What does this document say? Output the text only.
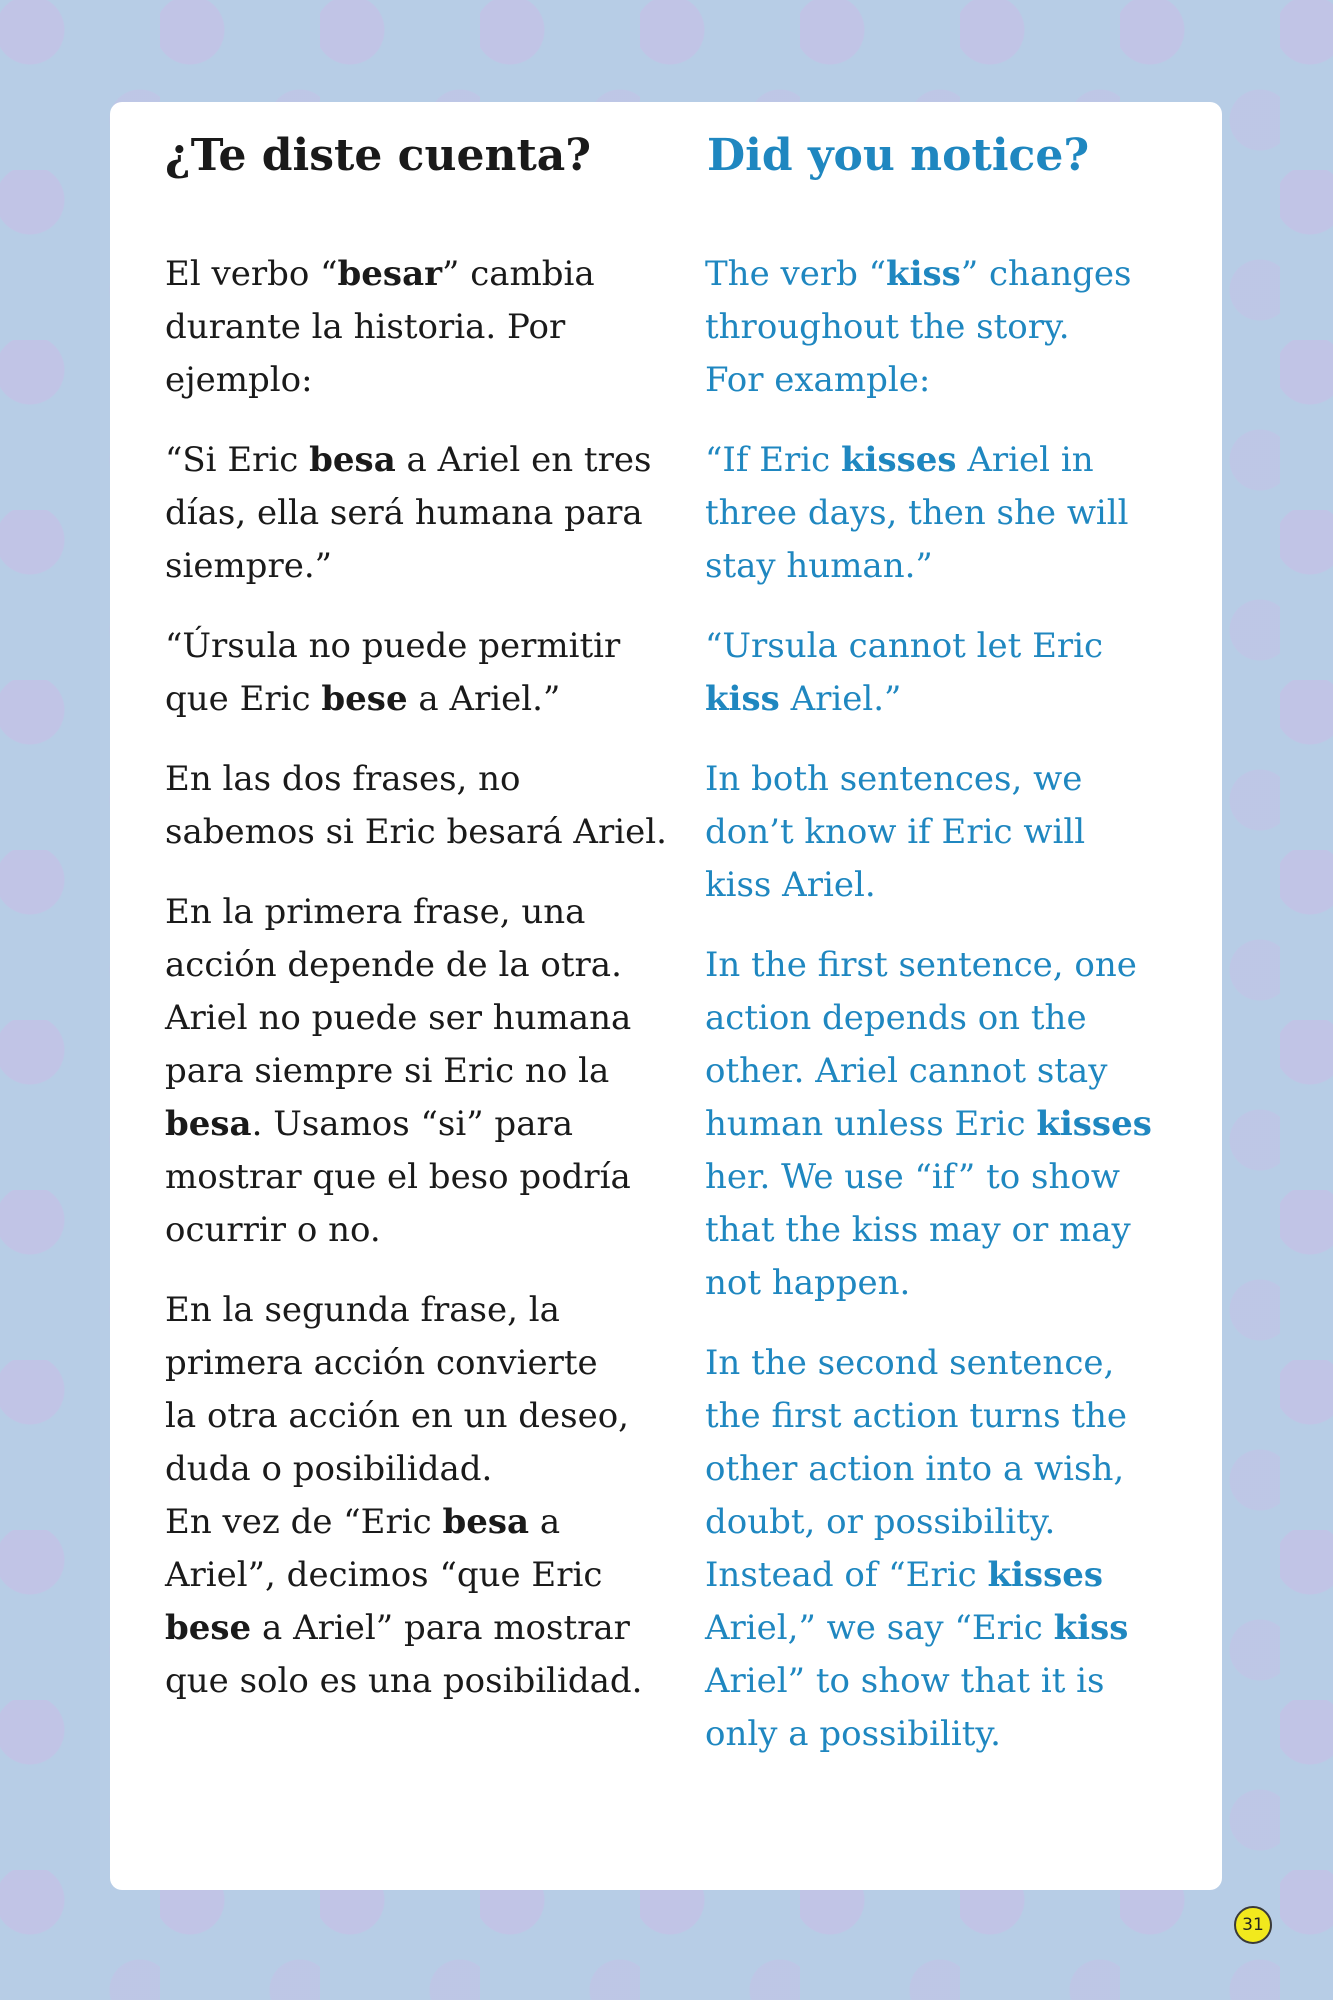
¿Te diste cuenta?

El verbo “besar” cambia
durante la historia. Por
ejemplo:

“Si Eric besa a Ariel en tres
días, ella será humana para
siempre.”

“Úrsula no puede permitir
que Eric bese a Ariel.”

En las dos frases, no
sabemos si Eric besará Ariel.

En la primera frase, una
acción depende de la otra.
Ariel no puede ser humana
para siempre si Eric no la
besa. Usamos “si” para
mostrar que el beso podría
ocurrir o no.

En la segunda frase, la
primera acción convierte
la otra acción en un deseo,
duda o posibilidad.
En vez de “Eric besa a
Ariel”, decimos “que Eric
bese a Ariel” para mostrar
que solo es una posibilidad.

Did you notice?

The verb “kiss” changes
throughout the story.
For example:

“If Eric kisses Ariel in
three days, then she will
stay human.”

“Ursula cannot let Eric
kiss Ariel.”

In both sentences, we
don’t know if Eric will
kiss Ariel.

In the first sentence, one
action depends on the
other. Ariel cannot stay
human unless Eric kisses
her. We use “if” to show
that the kiss may or may
not happen.

In the second sentence,
the first action turns the
other action into a wish,
doubt, or possibility.
Instead of “Eric kisses
Ariel,” we say “Eric kiss
Ariel” to show that it is
only a possibility.

31
